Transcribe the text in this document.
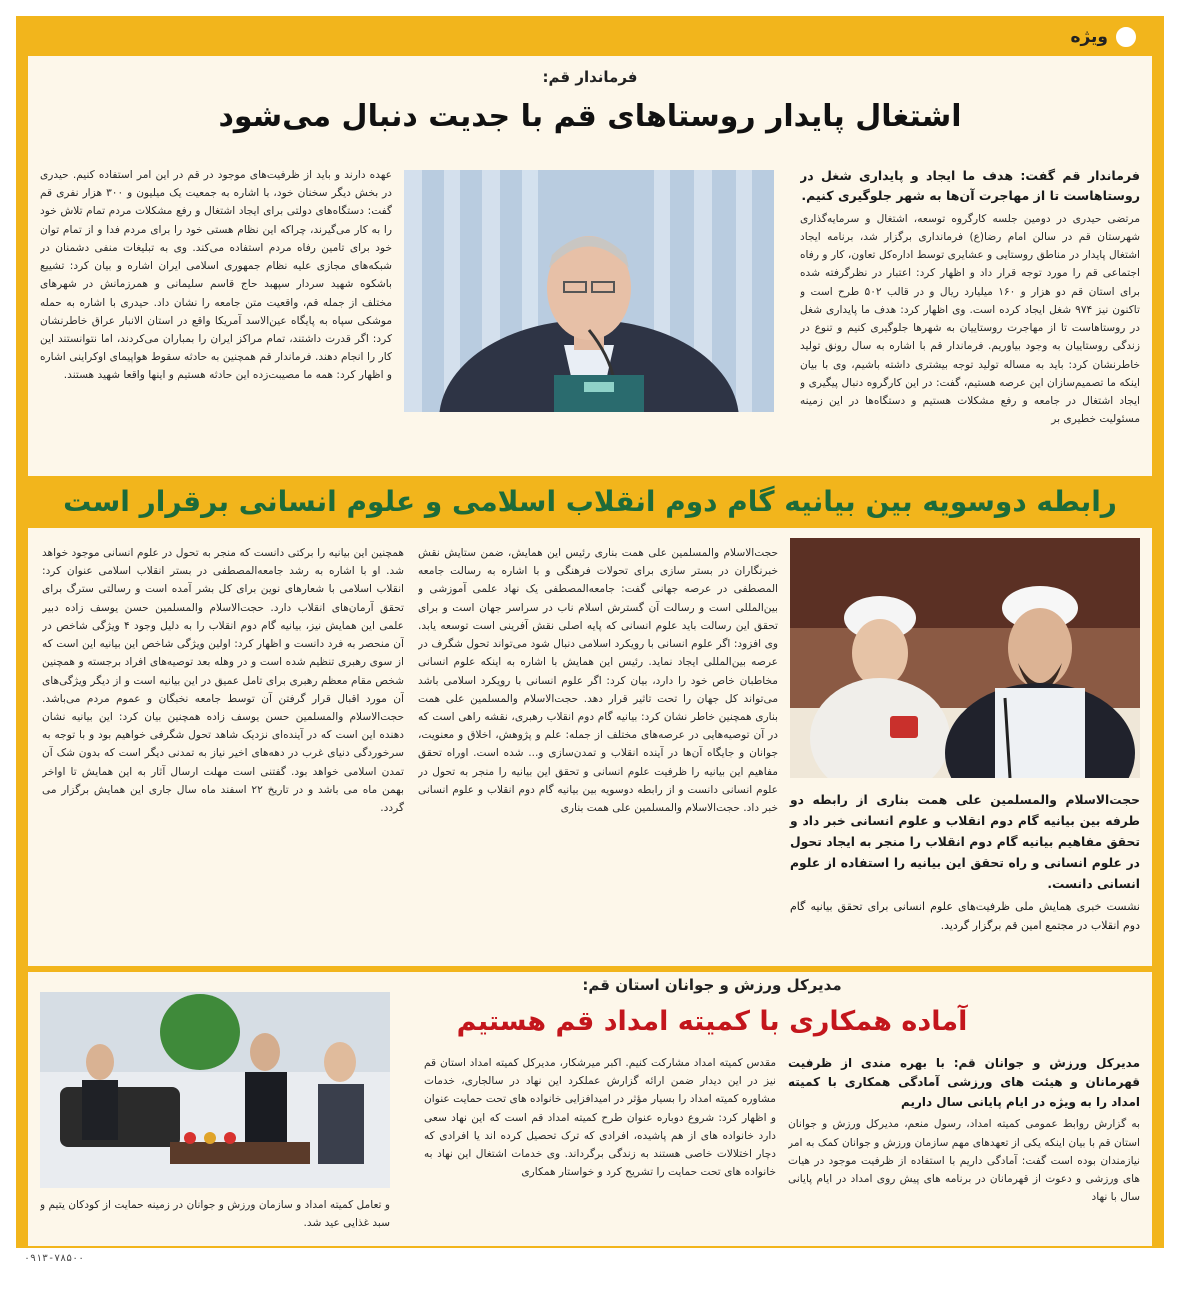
ویژه
فرماندار قم:
اشتغال پایدار روستاهای قم با جدیت دنبال می‌شود
فرماندار قم گفت: هدف ما ایجاد و پایداری شغل در روستاهاست تا از مهاجرت آن‌ها به شهر جلوگیری کنیم.
مرتضی حیدری در دومین جلسه کارگروه توسعه، اشتغال و سرمایه‌گذاری شهرستان قم در سالن امام رضا(ع) فرمانداری برگزار شد، برنامه ایجاد اشتغال پایدار در مناطق روستایی و عشایری توسط اداره‌کل تعاون، کار و رفاه اجتماعی قم را مورد توجه قرار داد و اظهار کرد: اعتبار در نظرگرفته شده برای استان قم دو هزار و ۱۶۰ میلیارد ریال و در قالب ۵۰۲ طرح است و تاکنون نیز ۹۷۴ شغل ایجاد کرده است. وی اظهار کرد: هدف ما پایداری شغل در روستاهاست تا از مهاجرت روستاییان به شهرها جلوگیری کنیم و تنوع در زندگی روستاییان به وجود بیاوریم. فرماندار قم با اشاره به سال رونق تولید خاطرنشان کرد: باید به مساله تولید توجه بیشتری داشته باشیم، وی با بیان اینکه ما تصمیم‌سازان این عرصه هستیم، گفت: در این کارگروه دنبال پیگیری و ایجاد اشتغال در جامعه و رفع مشکلات هستیم و دستگاه‌ها در این زمینه مسئولیت خطیری بر
عهده دارند و باید از ظرفیت‌های موجود در قم در این امر استفاده کنیم. حیدری در بخش دیگر سخنان خود، با اشاره به جمعیت یک میلیون و ۳۰۰ هزار نفری قم گفت: دستگاه‌های دولتی برای ایجاد اشتغال و رفع مشکلات مردم تمام تلاش خود را به کار می‌گیرند، چراکه این نظام هستی خود را برای مردم فدا و از تمام توان خود برای تامین رفاه مردم استفاده می‌کند. وی به تبلیغات منفی دشمنان در شبکه‌های مجازی علیه نظام جمهوری اسلامی ایران اشاره و بیان کرد: تشییع باشکوه شهید سردار سپهبد حاج قاسم سلیمانی و همرزمانش در شهرهای مختلف از جمله قم، واقعیت متن جامعه را نشان داد. حیدری با اشاره به حمله موشکی سپاه به پایگاه عین‌الاسد آمریکا واقع در استان الانبار عراق خاطرنشان کرد: اگر قدرت داشتند، تمام مراکز ایران را بمباران می‌کردند، اما نتوانستند این کار را انجام دهند. فرماندار قم همچنین به حادثه سقوط هواپیمای اوکراینی اشاره و اظهار کرد: همه ما مصیبت‌زده این حادثه هستیم و اینها واقعا شهید هستند.
رابطه دوسویه بین بیانیه گام دوم انقلاب اسلامی و علوم انسانی برقرار است
حجت‌الاسلام والمسلمین علی همت بناری از رابطه دو طرفه بین بیانیه گام دوم انقلاب و علوم انسانی خبر داد و تحقق مفاهیم بیانیه گام دوم انقلاب را منجر به ایجاد تحول در علوم انسانی و راه تحقق این بیانیه را استفاده از علوم انسانی دانست.
نشست خبری همایش ملی ظرفیت‌های علوم انسانی برای تحقق بیانیه گام دوم انقلاب در مجتمع امین قم برگزار گردید.
حجت‌الاسلام والمسلمین علی همت بناری رئیس این همایش، ضمن ستایش نقش خبرنگاران در بستر سازی برای تحولات فرهنگی و با اشاره به رسالت جامعه المصطفی در عرصه جهانی گفت: جامعه‌المصطفی یک نهاد علمی آموزشی و بین‌المللی است و رسالت آن گسترش اسلام ناب در سراسر جهان است و برای تحقق این رسالت باید علوم انسانی که پایه اصلی نقش آفرینی است توسعه یابد. وی افزود: اگر علوم انسانی با رویکرد اسلامی دنبال شود می‌تواند تحول شگرف در عرصه بین‌المللی ایجاد نماید. رئیس این همایش با اشاره به اینکه علوم انسانی مخاطبان خاص خود را دارد، بیان کرد: اگر علوم انسانی با رویکرد اسلامی باشد می‌تواند کل جهان را تحت تاثیر قرار دهد. حجت‌الاسلام والمسلمین علی همت بناری همچنین خاطر نشان کرد: بیانیه گام دوم انقلاب رهبری، نقشه راهی است که در آن توصیه‌هایی در عرصه‌های مختلف از جمله: علم و پژوهش، اخلاق و معنویت، جوانان و جایگاه آن‌ها در آینده انقلاب و تمدن‌سازی و... شده است. اوراه تحقق مفاهیم این بیانیه را ظرفیت علوم انسانی و تحقق این بیانیه را منجر به تحول در علوم انسانی دانست و از رابطه دوسویه بین بیانیه گام دوم انقلاب و علوم انسانی خبر داد. حجت‌الاسلام والمسلمین علی همت بناری
همچنین این بیانیه را برکتی دانست که منجر به تحول در علوم انسانی موجود خواهد شد. او با اشاره به رشد جامعه‌المصطفی در بستر انقلاب اسلامی عنوان کرد: انقلاب اسلامی با شعارهای نوین برای کل بشر آمده است و رسالتی سترگ برای تحقق آرمان‌های انقلاب دارد. حجت‌الاسلام والمسلمین حسن یوسف زاده دبیر علمی این همایش نیز، بیانیه گام دوم انقلاب را به دلیل وجود ۴ ویژگی شاخص در آن منحصر به فرد دانست و اظهار کرد: اولین ویژگی شاخص این بیانیه این است که از سوی رهبری تنظیم شده است و در وهله بعد توصیه‌های افراد برجسته و همچنین شخص مقام معظم رهبری برای تامل عمیق در این بیانیه است و از دیگر ویژگی‌های آن مورد اقبال قرار گرفتن آن توسط جامعه نخبگان و عموم مردم می‌باشد. حجت‌الاسلام والمسلمین حسن یوسف زاده همچنین بیان کرد: این بیانیه نشان دهنده این است که در آینده‌ای نزدیک شاهد تحول شگرفی خواهیم بود و با توجه به سرخوردگی دنیای غرب در دهه‌های اخیر نیاز به تمدنی دیگر است که بدون شک آن تمدن اسلامی خواهد بود. گفتنی است مهلت ارسال آثار به این همایش تا اواخر بهمن ماه می باشد و در تاریخ ۲۲ اسفند ماه سال جاری این همایش برگزار می گردد.
مدیرکل ورزش و جوانان استان قم:
آماده همکاری با کمیته امداد قم هستیم
مدیرکل ورزش و جوانان قم: با بهره مندی از ظرفیت قهرمانان و هیئت های ورزشی آمادگی همکاری با کمیته امداد را به ویژه در ایام پایانی سال داریم
به گزارش روابط عمومی کمیته امداد، رسول منعم، مدیرکل ورزش و جوانان استان قم با بیان اینکه یکی از تعهدهای مهم سازمان ورزش و جوانان کمک به امر نیازمندان بوده است گفت: آمادگی داریم با استفاده از ظرفیت موجود در هیات های ورزشی و دعوت از قهرمانان در برنامه های پیش روی امداد در ایام پایانی سال با نهاد
مقدس کمیته امداد مشارکت کنیم. اکبر میرشکار، مدیرکل کمیته امداد استان قم نیز در این دیدار ضمن ارائه گزارش عملکرد این نهاد در سالجاری، خدمات مشاوره کمیته امداد را بسیار مؤثر در امیدافزایی خانواده های تحت حمایت عنوان و اظهار کرد: شروع دوباره عنوان طرح کمیته امداد قم است که این نهاد سعی دارد خانواده های از هم پاشیده، افرادی که ترک تحصیل کرده اند یا افرادی که دچار اختلالات خاصی هستند به زندگی برگرداند. وی خدمات اشتغال این نهاد به خانواده های تحت حمایت را تشریح کرد و خواستار همکاری
و تعامل کمیته امداد و سازمان ورزش و جوانان در زمینه حمایت از کودکان یتیم و سبد غذایی عید شد.
۰۹۱۳-۷۸۵۰۰
